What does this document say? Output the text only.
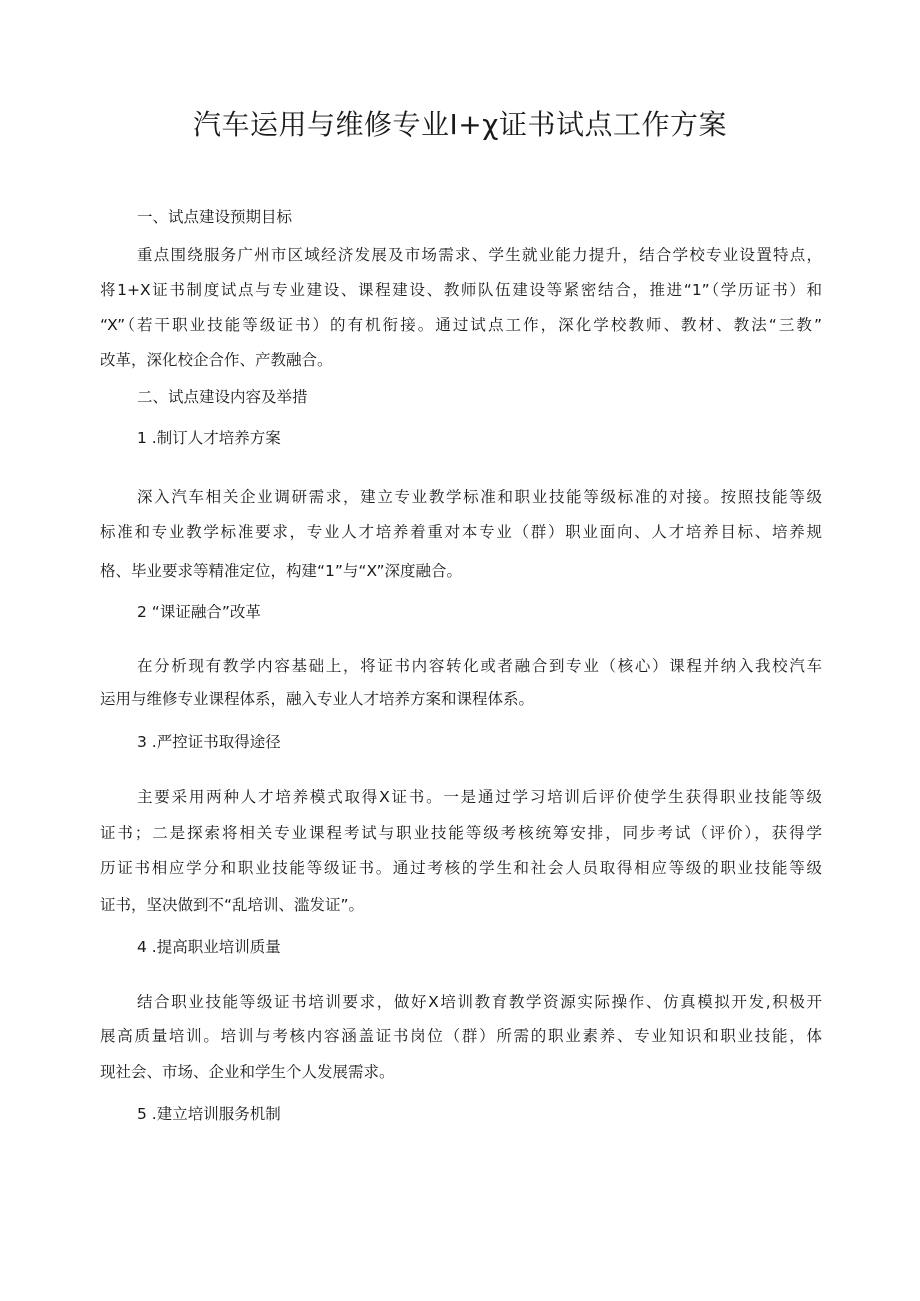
汽车运用与维修专业I+χ证书试点工作方案
一、试点建设预期目标
重点围绕服务广州市区域经济发展及市场需求、学生就业能力提升，结合学校专业设置特点，
将1+X证书制度试点与专业建设、课程建设、教师队伍建设等紧密结合，推进“1”（学历证书）和
“X”（若干职业技能等级证书）的有机衔接。通过试点工作，深化学校教师、教材、教法“三教”
改革，深化校企合作、产教融合。
二、试点建设内容及举措
1 .制订人才培养方案
深入汽车相关企业调研需求，建立专业教学标准和职业技能等级标准的对接。按照技能等级
标准和专业教学标准要求，专业人才培养着重对本专业（群）职业面向、人才培养目标、培养规
格、毕业要求等精准定位，构建“1”与“X”深度融合。
2 “课证融合”改革
在分析现有教学内容基础上，将证书内容转化或者融合到专业（核心）课程并纳入我校汽车
运用与维修专业课程体系，融入专业人才培养方案和课程体系。
3 .严控证书取得途径
主要采用两种人才培养模式取得X证书。一是通过学习培训后评价使学生获得职业技能等级
证书；二是探索将相关专业课程考试与职业技能等级考核统筹安排，同步考试（评价），获得学
历证书相应学分和职业技能等级证书。通过考核的学生和社会人员取得相应等级的职业技能等级
证书，坚决做到不“乱培训、滥发证”。
4 .提高职业培训质量
结合职业技能等级证书培训要求，做好X培训教育教学资源实际操作、仿真模拟开发,积极开
展高质量培训。培训与考核内容涵盖证书岗位（群）所需的职业素养、专业知识和职业技能，体
现社会、市场、企业和学生个人发展需求。
5 .建立培训服务机制
